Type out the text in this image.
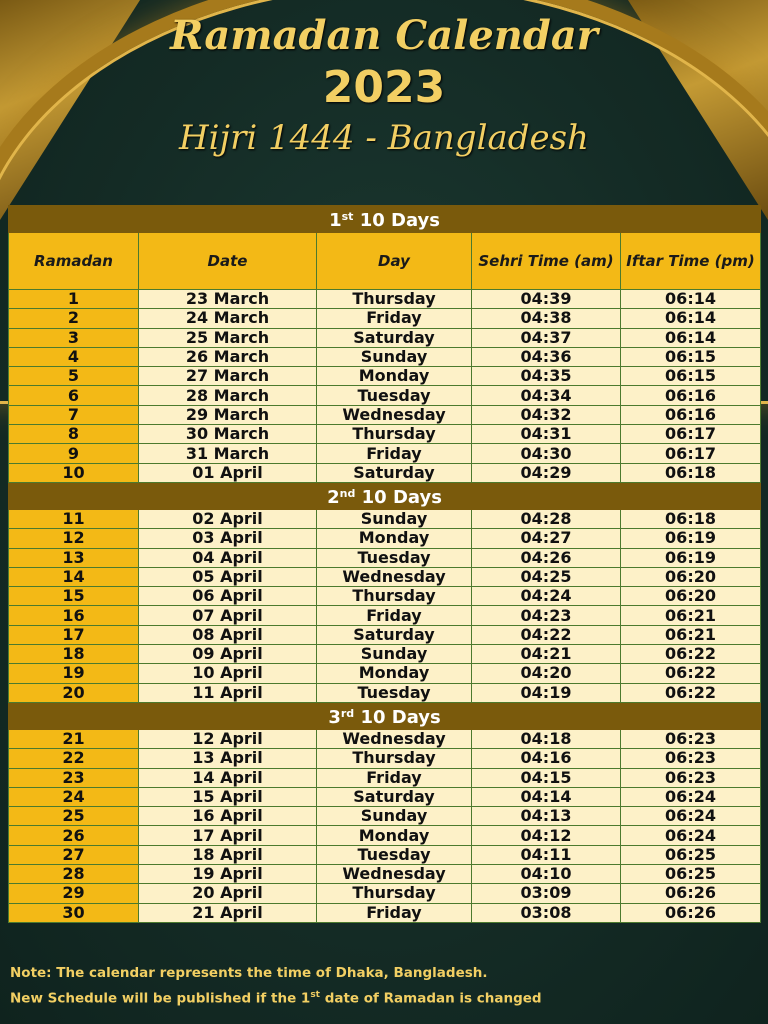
Ramadan Calendar
2023
Hijri 1444 - Bangladesh
1st 10 Days				
Ramadan	Date	Day	Sehri Time (am)	Iftar Time (pm)
1	23 March	Thursday	04:39	06:14
2	24 March	Friday	04:38	06:14
3	25 March	Saturday	04:37	06:14
4	26 March	Sunday	04:36	06:15
5	27 March	Monday	04:35	06:15
6	28 March	Tuesday	04:34	06:16
7	29 March	Wednesday	04:32	06:16
8	30 March	Thursday	04:31	06:17
9	31 March	Friday	04:30	06:17
10	01 April	Saturday	04:29	06:18
2nd 10 Days				
11	02 April	Sunday	04:28	06:18
12	03 April	Monday	04:27	06:19
13	04 April	Tuesday	04:26	06:19
14	05 April	Wednesday	04:25	06:20
15	06 April	Thursday	04:24	06:20
16	07 April	Friday	04:23	06:21
17	08 April	Saturday	04:22	06:21
18	09 April	Sunday	04:21	06:22
19	10 April	Monday	04:20	06:22
20	11 April	Tuesday	04:19	06:22
3rd 10 Days				
21	12 April	Wednesday	04:18	06:23
22	13 April	Thursday	04:16	06:23
23	14 April	Friday	04:15	06:23
24	15 April	Saturday	04:14	06:24
25	16 April	Sunday	04:13	06:24
26	17 April	Monday	04:12	06:24
27	18 April	Tuesday	04:11	06:25
28	19 April	Wednesday	04:10	06:25
29	20 April	Thursday	03:09	06:26
30	21 April	Friday	03:08	06:26
Note: The calendar represents the time of Dhaka, Bangladesh.
New Schedule will be published if the 1st date of Ramadan is changed
